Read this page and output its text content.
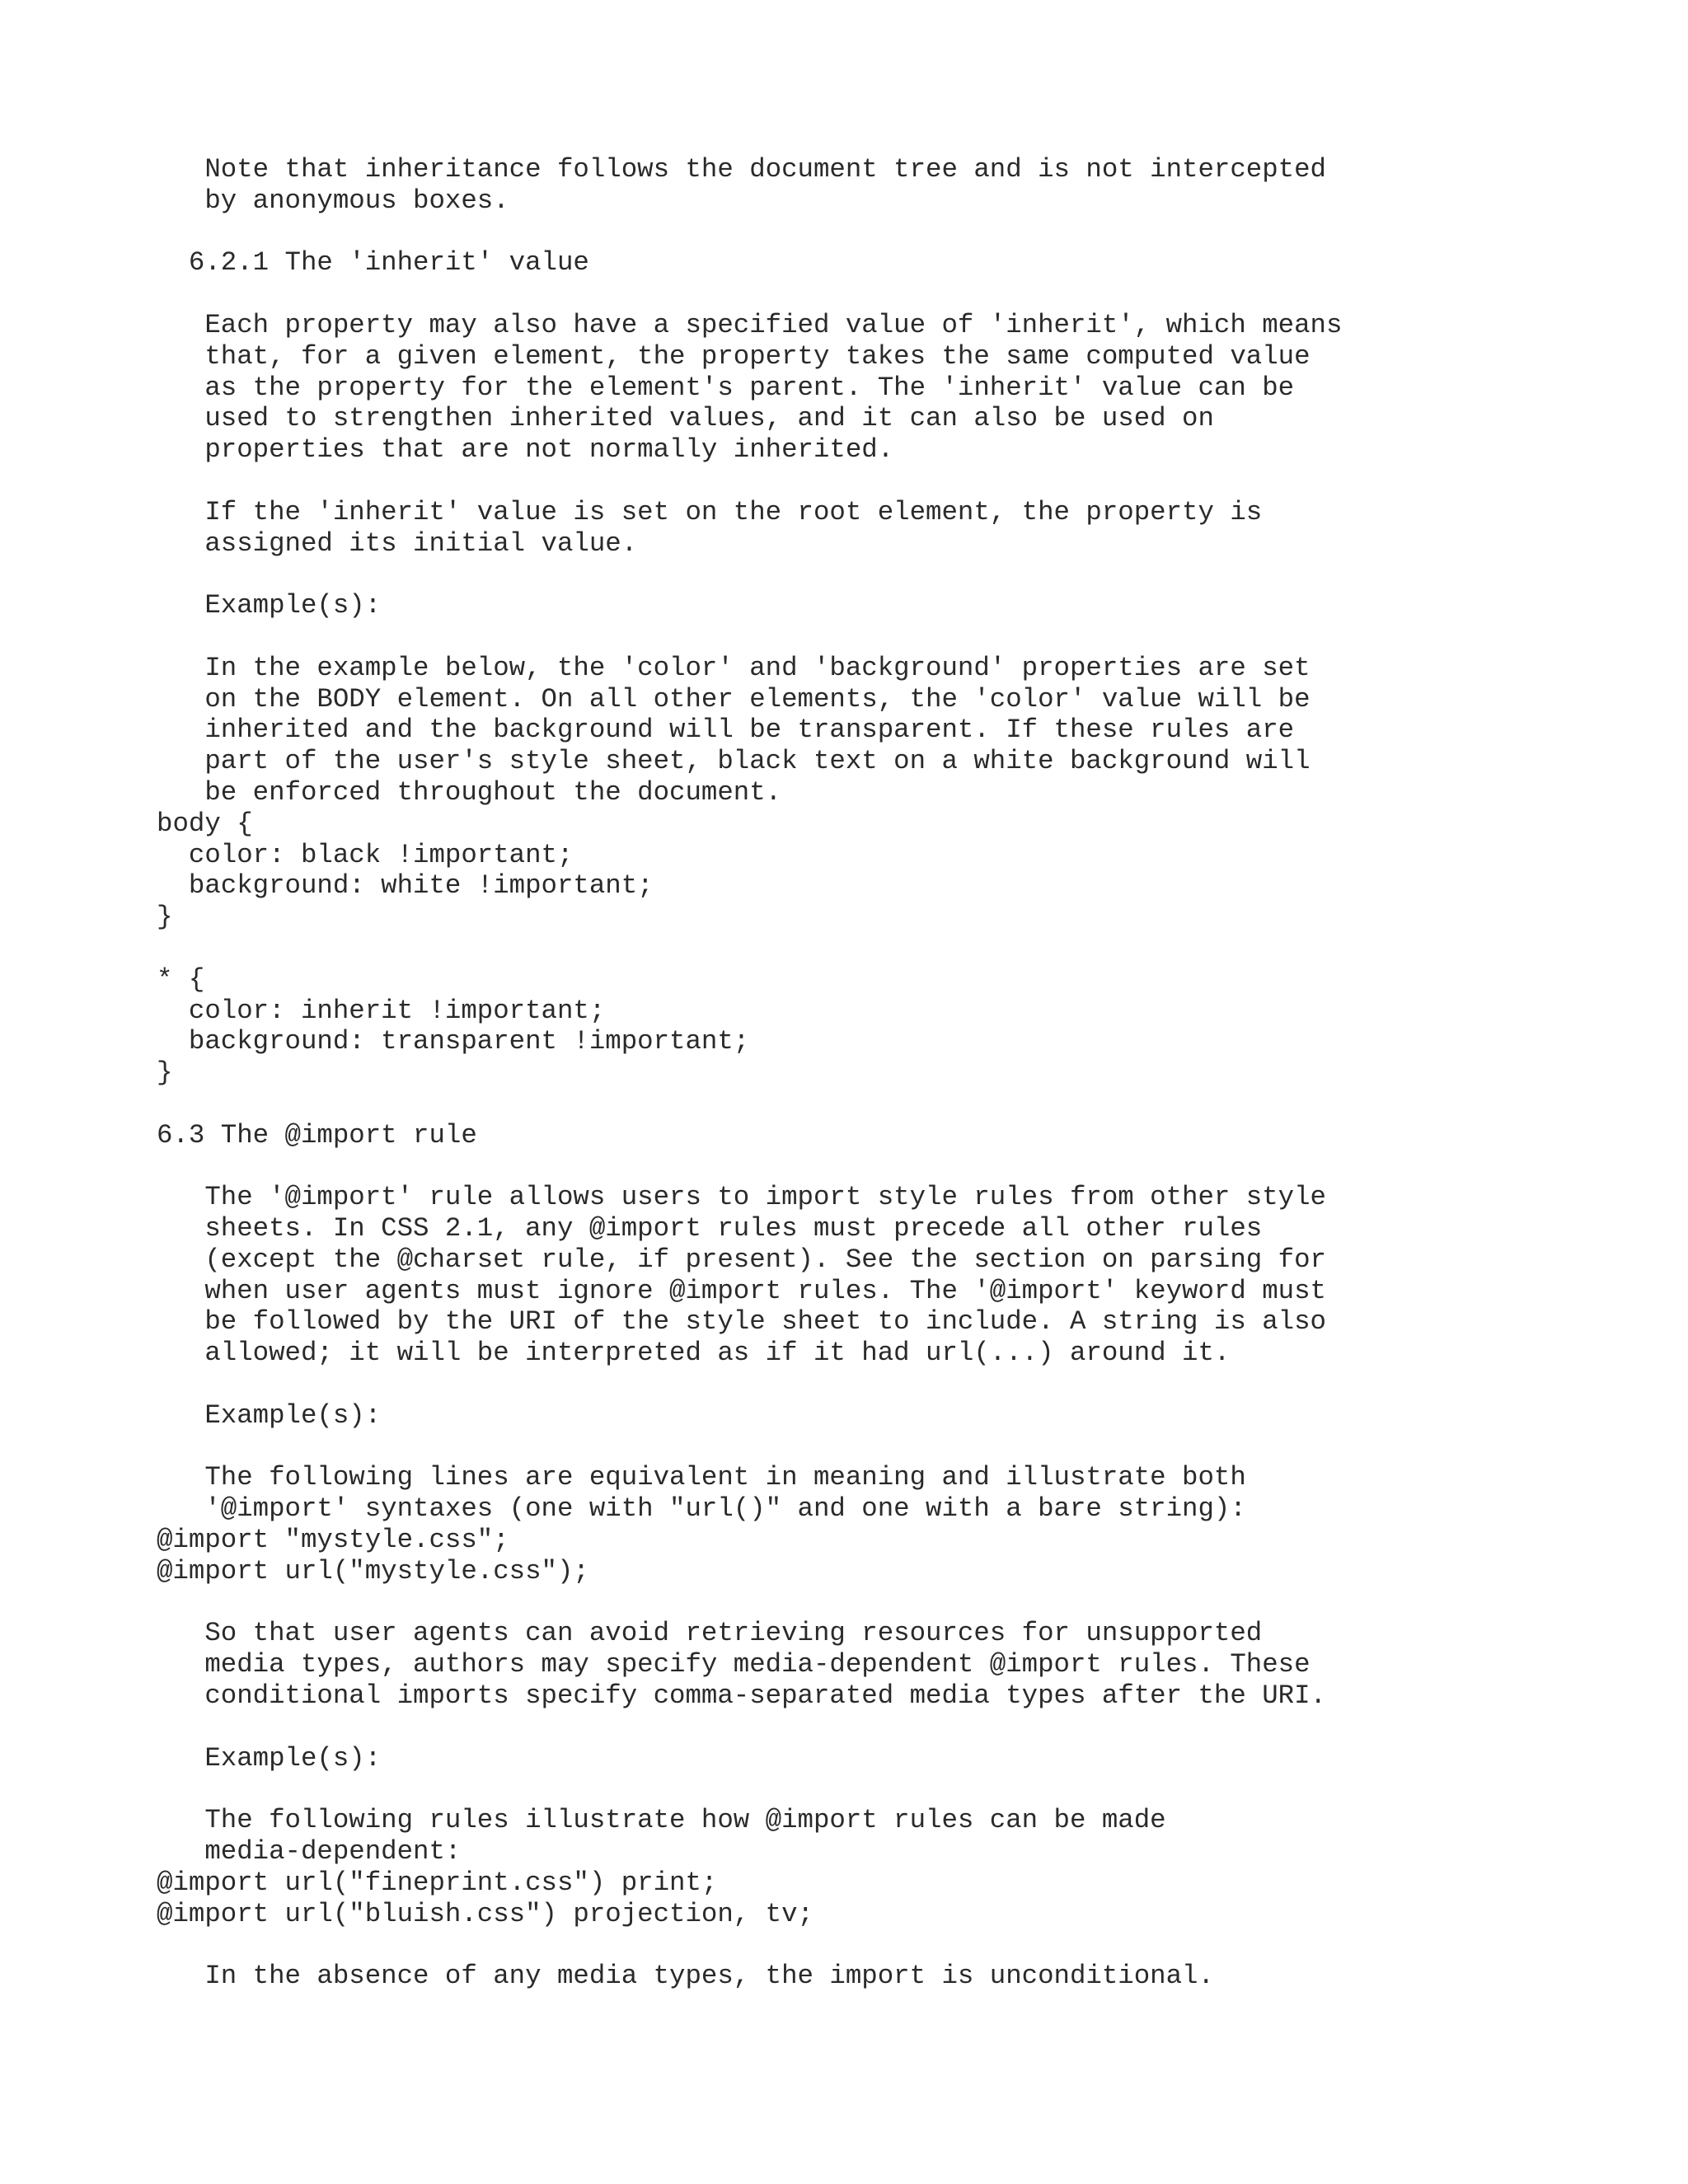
Note that inheritance follows the document tree and is not intercepted
by anonymous boxes.
6.2.1 The 'inherit' value
Each property may also have a specified value of 'inherit', which means
that, for a given element, the property takes the same computed value
as the property for the element's parent. The 'inherit' value can be
used to strengthen inherited values, and it can also be used on
properties that are not normally inherited.
If the 'inherit' value is set on the root element, the property is
assigned its initial value.
Example(s):
In the example below, the 'color' and 'background' properties are set
on the BODY element. On all other elements, the 'color' value will be
inherited and the background will be transparent. If these rules are
part of the user's style sheet, black text on a white background will
be enforced throughout the document.
body {
color: black !important;
background: white !important;
}
* {
color: inherit !important;
background: transparent !important;
}
6.3 The @import rule
The '@import' rule allows users to import style rules from other style
sheets. In CSS 2.1, any @import rules must precede all other rules
(except the @charset rule, if present). See the section on parsing for
when user agents must ignore @import rules. The '@import' keyword must
be followed by the URI of the style sheet to include. A string is also
allowed; it will be interpreted as if it had url(...) around it.
Example(s):
The following lines are equivalent in meaning and illustrate both
'@import' syntaxes (one with "url()" and one with a bare string):
@import "mystyle.css";
@import url("mystyle.css");
So that user agents can avoid retrieving resources for unsupported
media types, authors may specify media-dependent @import rules. These
conditional imports specify comma-separated media types after the URI.
Example(s):
The following rules illustrate how @import rules can be made
media-dependent:
@import url("fineprint.css") print;
@import url("bluish.css") projection, tv;
In the absence of any media types, the import is unconditional.
